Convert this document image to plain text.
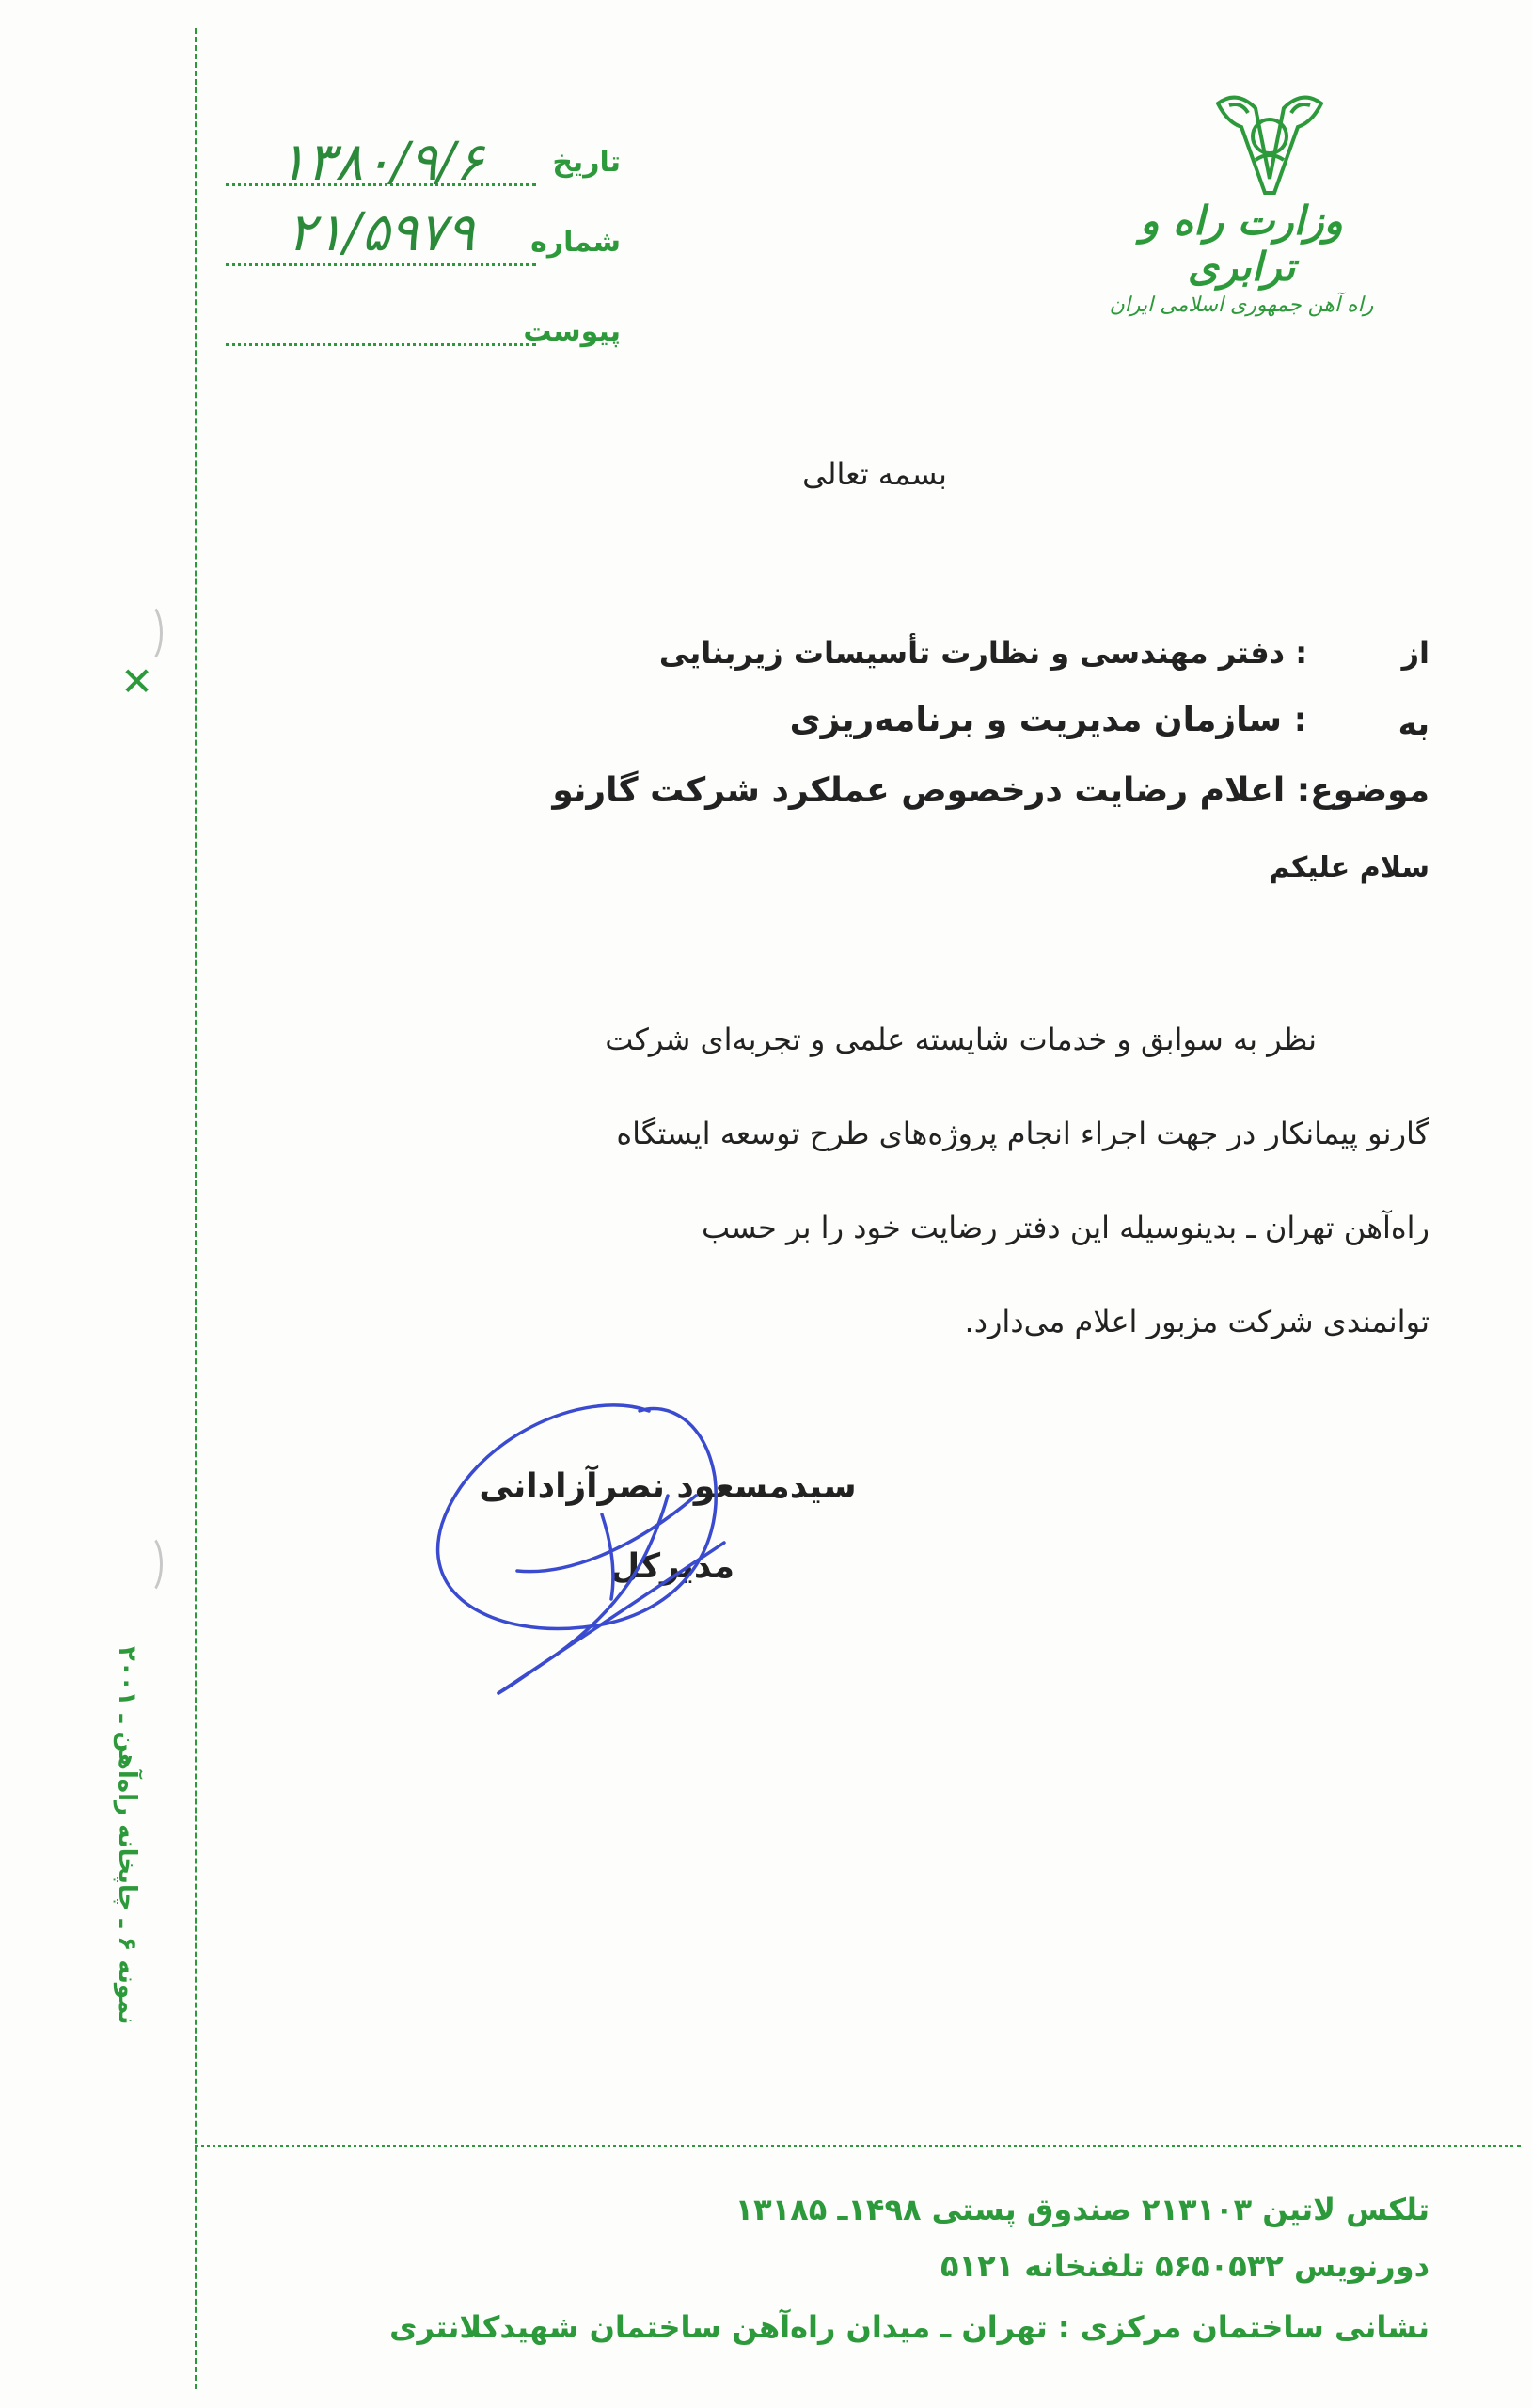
وزارت راه و ترابری
راه آهن جمهوری اسلامی ایران
تاریخ
۱۳۸۰/۹/۶
شماره
۲۱/۵۹۷۹
پیوست
بسمه تعالی
از
: دفتر مهندسی و نظارت تأسیسات زیربنایی
به
: سازمان مدیریت و برنامه‌ریزی
موضوع: اعلام رضایت درخصوص عملکرد شرکت گارنو
سلام علیکم
نظر به سوابق و خدمات شایسته علمی و تجربه‌ای شرکت
گارنو پیمانکار در جهت اجراء انجام پروژه‌های طرح توسعه ایستگاه
راه‌آهن تهران ـ بدینوسیله این دفتر رضایت خود را بر حسب
توانمندی شرکت مزبور اعلام می‌دارد.
سیدمسعود نصرآزادانی
مدیرکل
تلکس لاتین ۲۱۳۱۰۳ صندوق پستی ۱۴۹۸ـ ۱۳۱۸۵
دورنویس ۵۶۵۰۵۳۲ تلفنخانه ۵۱۲۱
نشانی ساختمان مرکزی : تهران ـ میدان راه‌آهن ساختمان شهیدکلانتری
نمونه ۶ ـ چاپخانه راه‌آهن ـ ۲۰۰۱
✕
